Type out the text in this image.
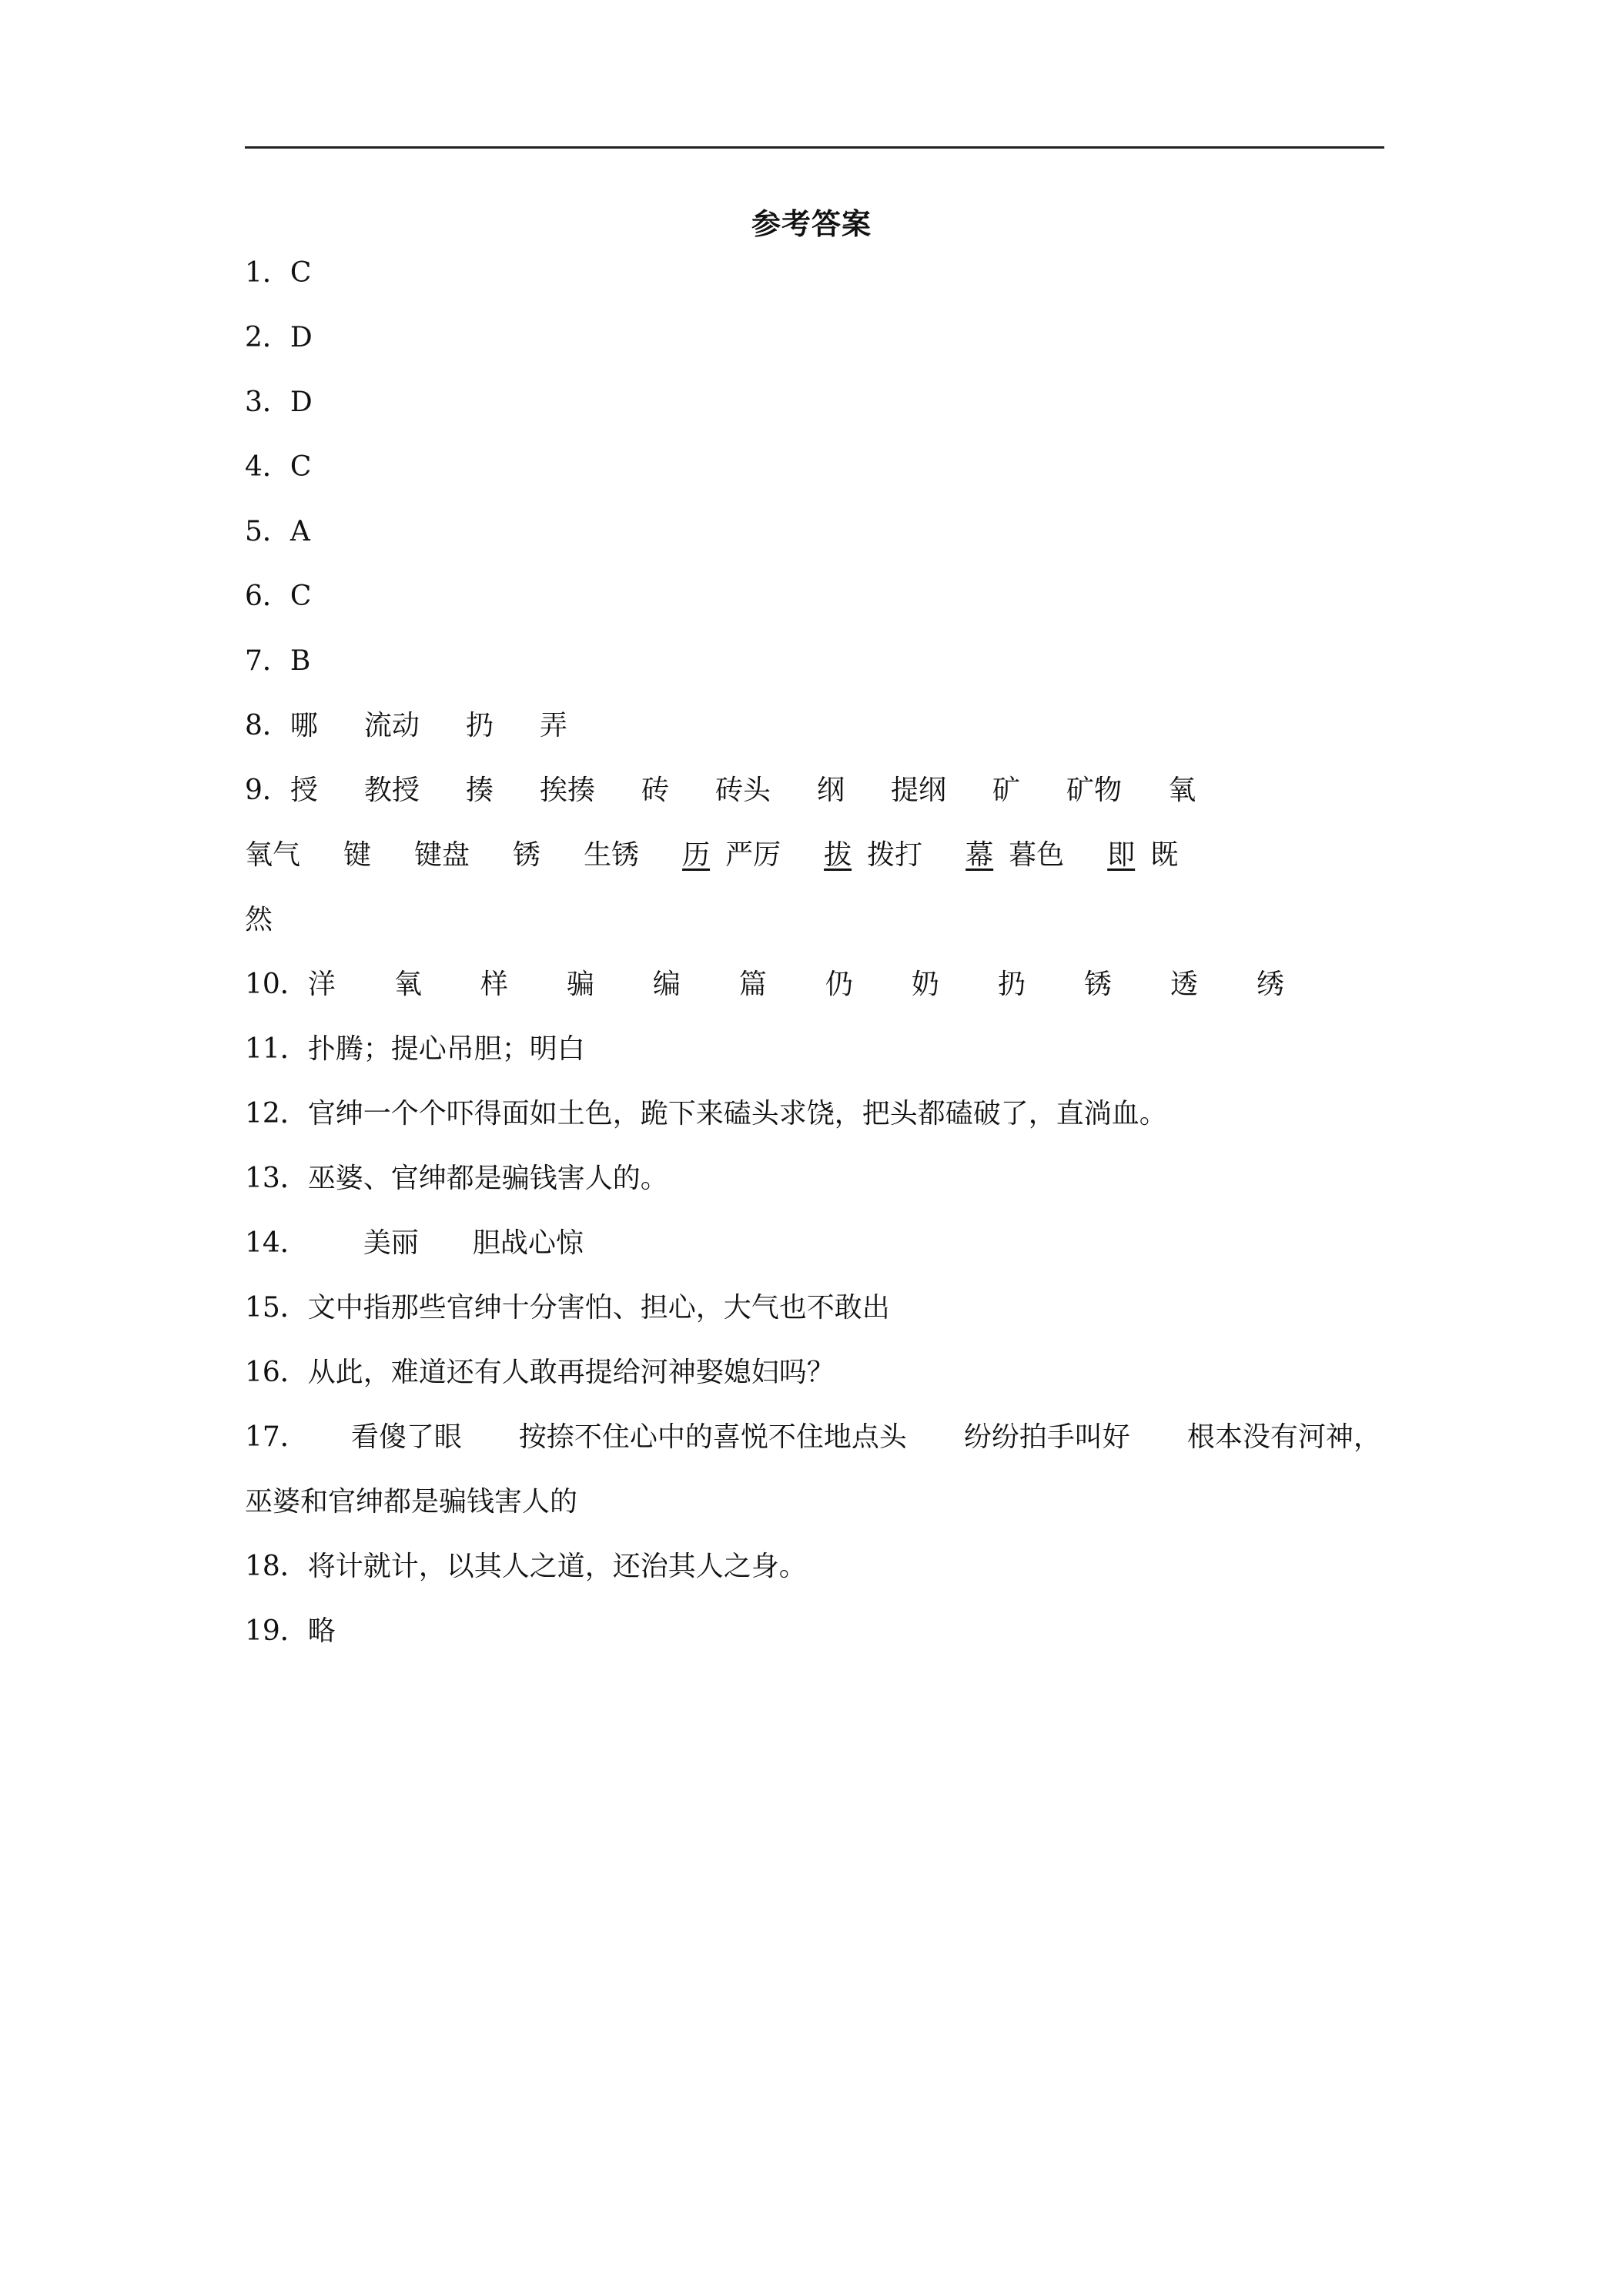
参考答案
1．C
2．D
3．D
4．C
5．A
6．C
7．B
8．哪 流动 扔 弄
9．授 教授 揍 挨揍 砖 砖头 纲 提纲 矿 矿物 氧
氧气 键 键盘 锈 生锈 历 严厉 拔 拨打 幕 暮色 即 既
然
10．洋 氧 样 骗 编 篇 仍 奶 扔 锈 透 绣
11．扑腾；提心吊胆；明白
12．官绅一个个吓得面如土色，跪下来磕头求饶，把头都磕破了，直淌血。
13．巫婆、官绅都是骗钱害人的。
14． 美丽 胆战心惊
15．文中指那些官绅十分害怕、担心，大气也不敢出
16．从此，难道还有人敢再提给河神娶媳妇吗？
17． 看傻了眼 按捺不住心中的喜悦不住地点头 纷纷拍手叫好 根本没有河神，
巫婆和官绅都是骗钱害人的
18．将计就计，以其人之道，还治其人之身。
19．略
